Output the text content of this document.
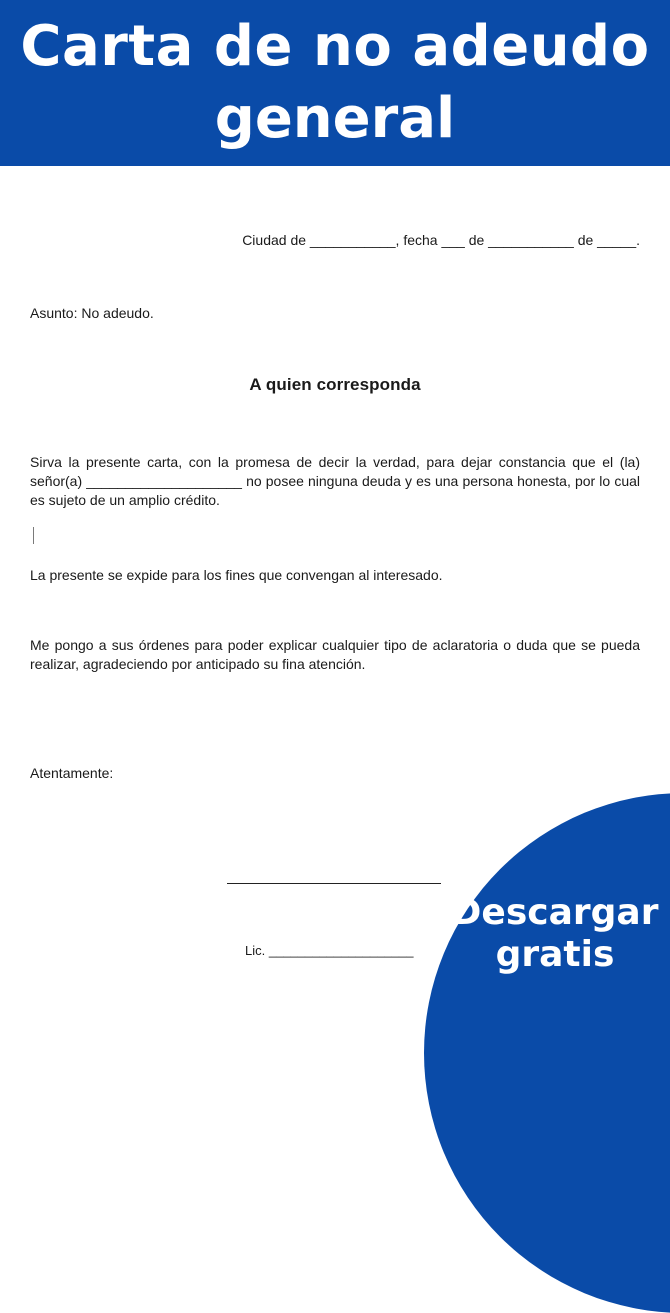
Carta de no adeudo
general
Ciudad de ___________, fecha ___ de ___________ de _____.
Asunto: No adeudo.
A quien corresponda
Sirva la presente carta, con la promesa de decir la verdad, para dejar constancia que el (la) señor(a) ____________________ no posee ninguna deuda y es una persona honesta, por lo cual es sujeto de un amplio crédito.
La presente se expide para los fines que convengan al interesado.
Me pongo a sus órdenes para poder explicar cualquier tipo de aclaratoria o duda que se pueda realizar, agradeciendo por anticipado su fina atención.
Atentamente:
Lic. ____________________
Descargar
gratis
